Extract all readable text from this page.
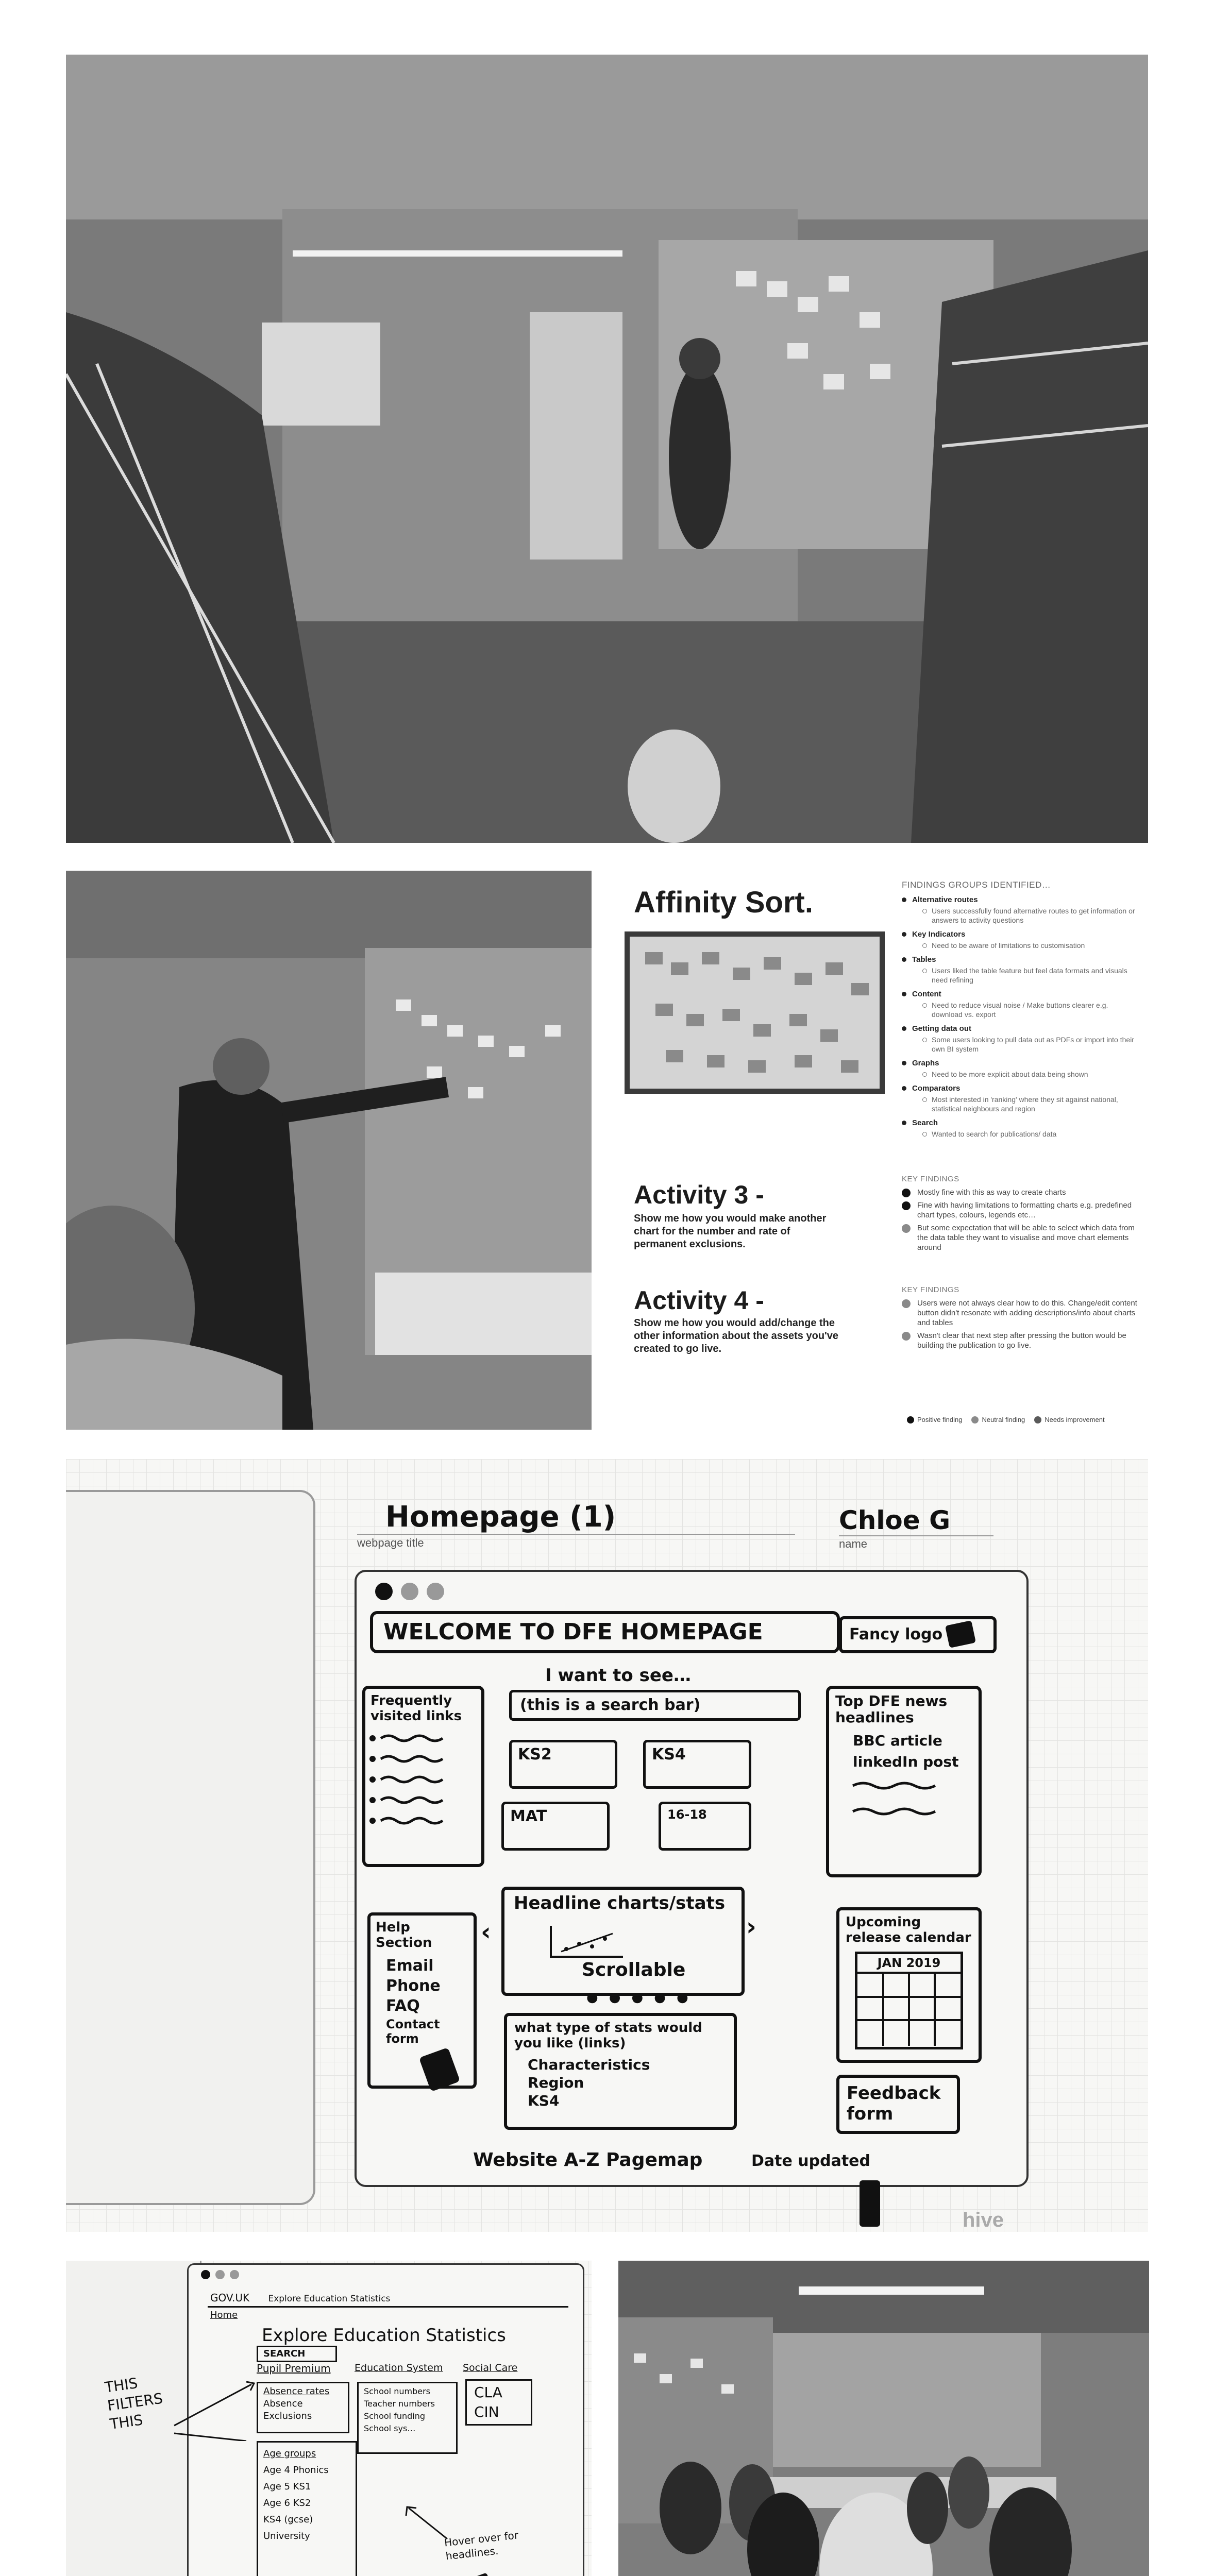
Affinity Sort.
FINDINGS GROUPS IDENTIFIED…
Alternative routes
Users successfully found alternative routes to get information or answers to activity questions
Key Indicators
Need to be aware of limitations to customisation
Tables
Users liked the table feature but feel data formats and visuals need refining
Content
Need to reduce visual noise / Make buttons clearer e.g. download vs. export
Getting data out
Some users looking to pull data out as PDFs or import into their own BI system
Graphs
Need to be more explicit about data being shown
Comparators
Most interested in 'ranking' where they sit against national, statistical neighbours and region
Search
Wanted to search for publications/ data
Activity 3 -
Show me how you would make another chart for the number and rate of permanent exclusions.
Activity 4 -
Show me how you would add/change the other information about the assets you've created to go live.
KEY FINDINGS
Mostly fine with this as way to create charts
Fine with having limitations to formatting charts e.g. predefined chart types, colours, legends etc…
But some expectation that will be able to select which data from the data table they want to visualise and move chart elements around
KEY FINDINGS
Users were not always clear how to do this. Change/edit content button didn't resonate with adding descriptions/info about charts and tables
Wasn't clear that next step after pressing the button would be building the publication to go live.
Positive finding	Neutral finding	Needs improvement
Homepage (1)
webpage title
Chloe G
name
WELCOME TO DFE HOMEPAGE	Fancy logo
I want to see…
(this is a search bar)
Frequently visited links
KS2	KS4
MAT	16-18
Top DFE news headlines
BBC article
linkedIn post
Help Section
Email
Phone
FAQ
Contact form
Headline charts/stats
Scrollable
‹	›
● ● ● ● ●
what type of stats would you like (links)
Characteristics
Region
KS4
Upcoming release calendar
JAN 2019
Feedback form
Website A-Z Pagemap	Date updated
hive
GOV.UK Explore Education Statistics
Home
Explore Education Statistics
SEARCH
Pupil Premium Education System Social Care
THIS FILTERS THIS
Absence rates
Absence
Exclusions
School numbers
Teacher numbers
School funding
School sys…
CLA
CIN
Age groups
Age 4 Phonics
Age 5 KS1
Age 6 KS2
KS4 (gcse)
University	Hover over for headlines.
